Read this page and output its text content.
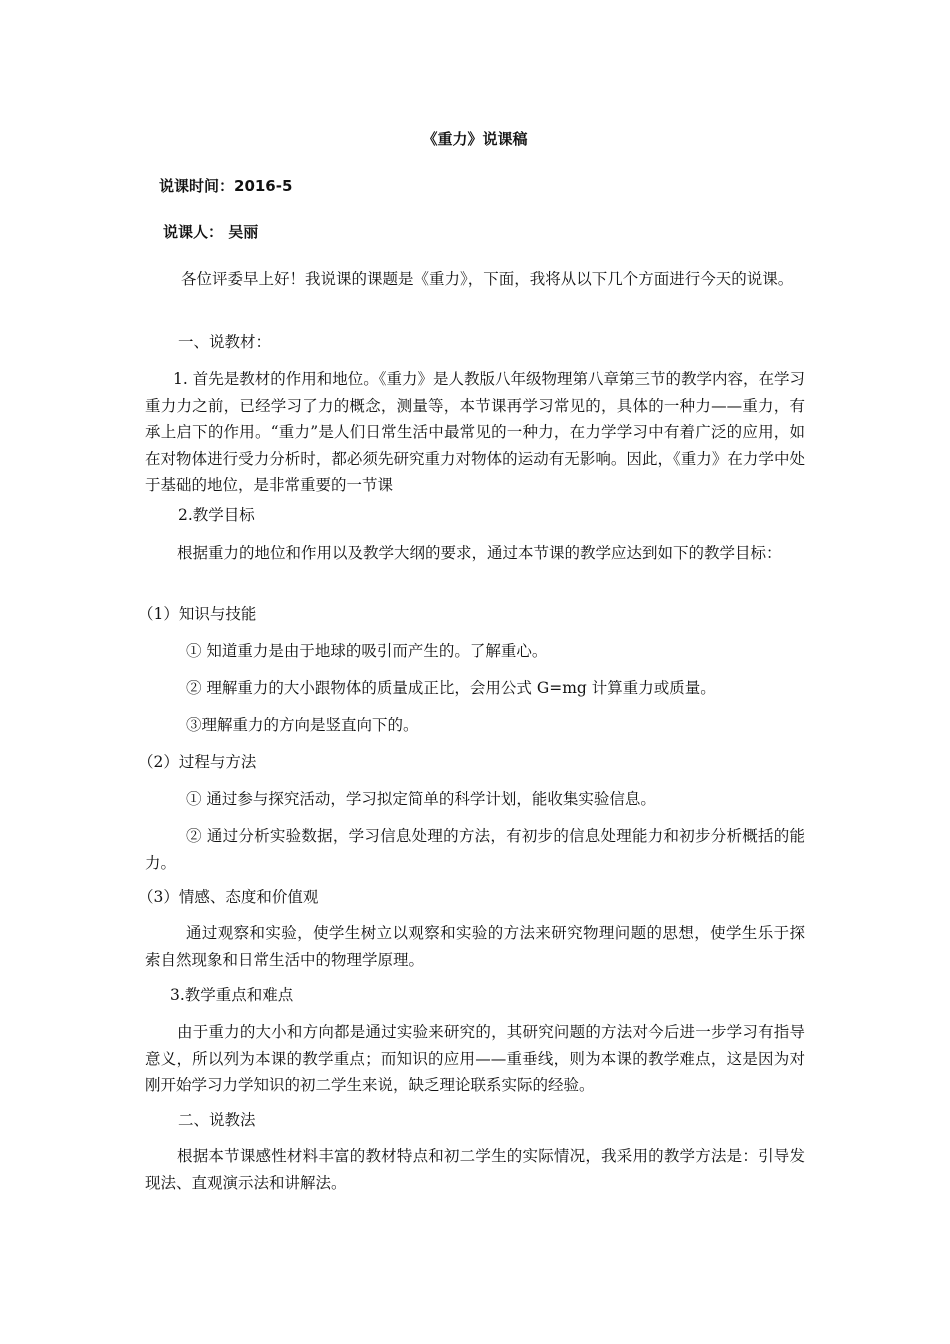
《重力》说课稿
说课时间：2016-5
说课人： 吴丽
各位评委早上好！我说课的课题是《重力》，下面，我将从以下几个方面进行今天的说课。
一、说教材：
1. 首先是教材的作用和地位。《重力》是人教版八年级物理第八章第三节的教学内容，在学习重力力之前，已经学习了力的概念，测量等，本节课再学习常见的，具体的一种力——重力，有承上启下的作用。“重力”是人们日常生活中最常见的一种力，在力学学习中有着广泛的应用，如在对物体进行受力分析时，都必须先研究重力对物体的运动有无影响。因此，《重力》在力学中处于基础的地位，是非常重要的一节课
2.教学目标
根据重力的地位和作用以及教学大纲的要求，通过本节课的教学应达到如下的教学目标：
（1）知识与技能
① 知道重力是由于地球的吸引而产生的。了解重心。
② 理解重力的大小跟物体的质量成正比，会用公式 G=mg 计算重力或质量。
③理解重力的方向是竖直向下的。
（2）过程与方法
① 通过参与探究活动，学习拟定简单的科学计划，能收集实验信息。
② 通过分析实验数据，学习信息处理的方法，有初步的信息处理能力和初步分析概括的能力。
（3）情感、态度和价值观
通过观察和实验，使学生树立以观察和实验的方法来研究物理问题的思想，使学生乐于探索自然现象和日常生活中的物理学原理。
3.教学重点和难点
由于重力的大小和方向都是通过实验来研究的，其研究问题的方法对今后进一步学习有指导意义，所以列为本课的教学重点；而知识的应用——重垂线，则为本课的教学难点，这是因为对刚开始学习力学知识的初二学生来说，缺乏理论联系实际的经验。
二、说教法
根据本节课感性材料丰富的教材特点和初二学生的实际情况，我采用的教学方法是：引导发现法、直观演示法和讲解法。
